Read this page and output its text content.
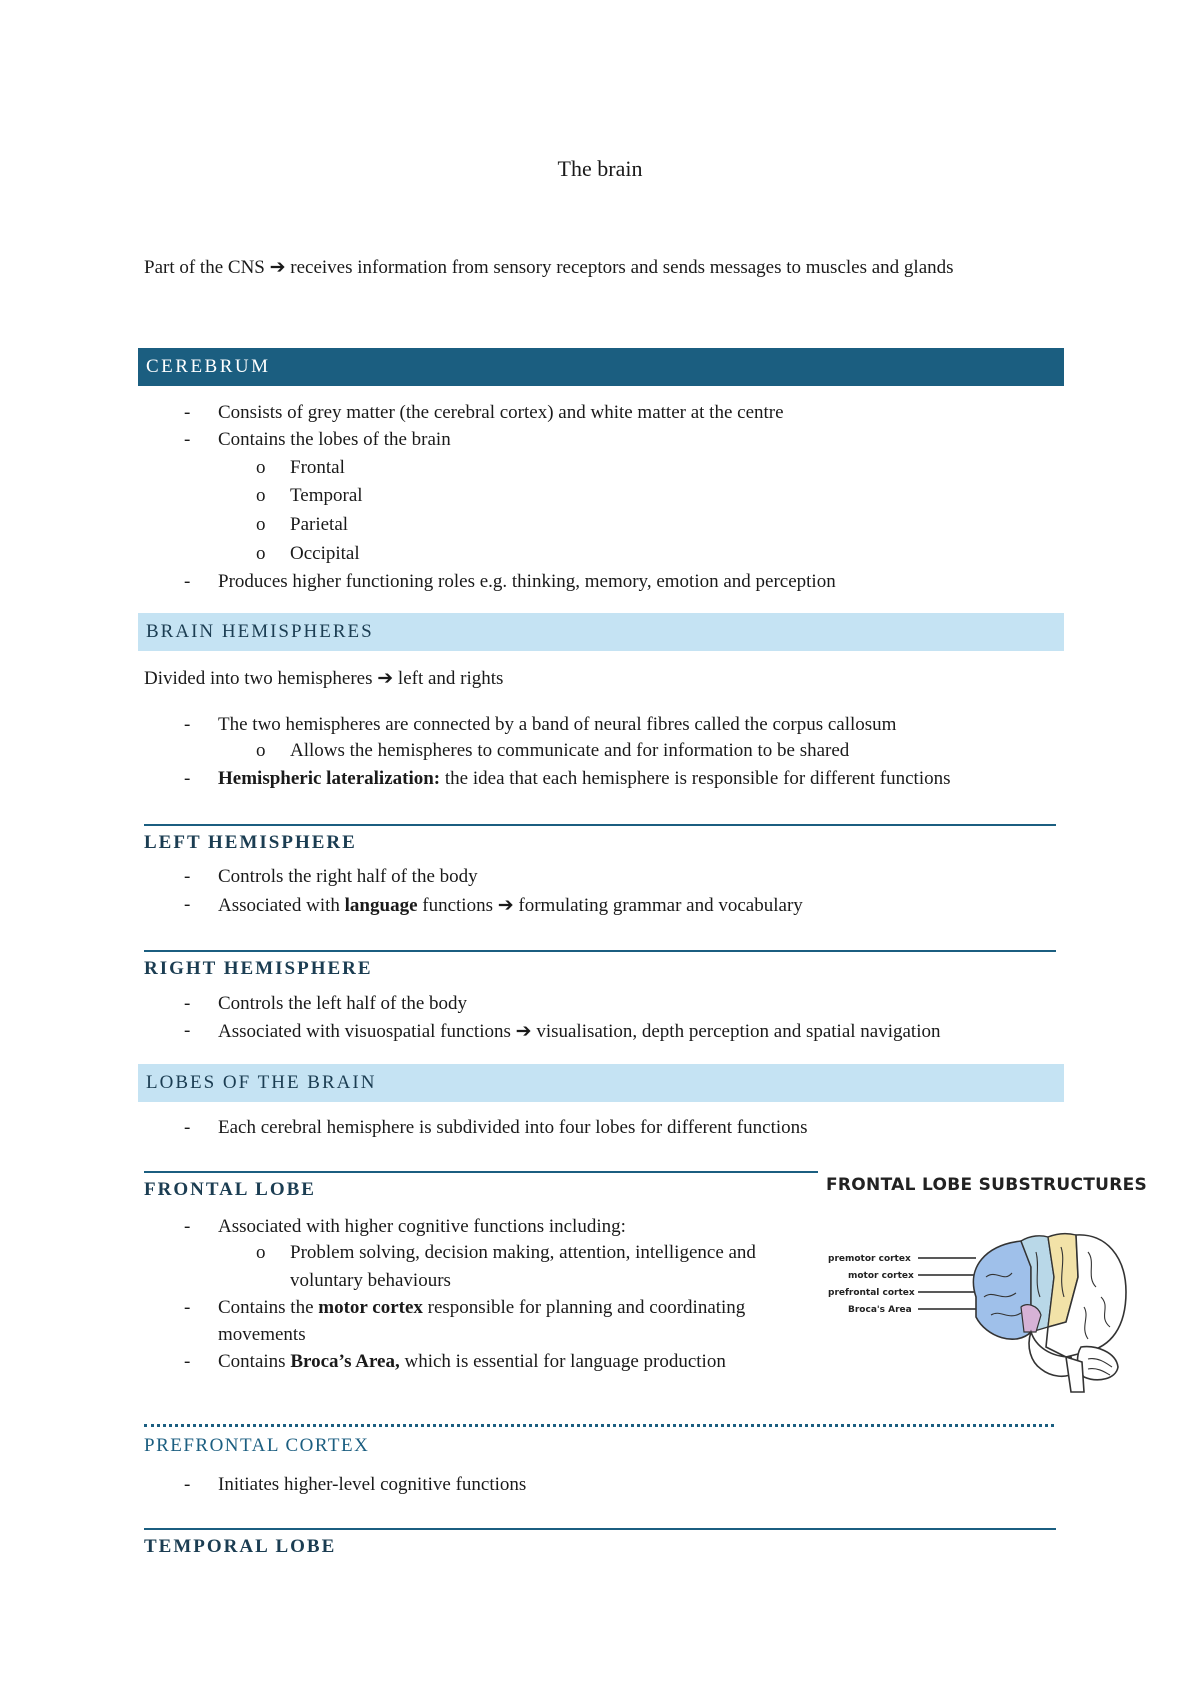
The brain
Part of the CNS ➔ receives information from sensory receptors and sends messages to muscles and glands
CEREBRUM
- Consists of grey matter (the cerebral cortex) and white matter at the centre
- Contains the lobes of the brain
o Frontal
o Temporal
o Parietal
o Occipital
- Produces higher functioning roles e.g. thinking, memory, emotion and perception
BRAIN HEMISPHERES
Divided into two hemispheres ➔ left and rights
- The two hemispheres are connected by a band of neural fibres called the corpus callosum
o Allows the hemispheres to communicate and for information to be shared
- Hemispheric lateralization: the idea that each hemisphere is responsible for different functions
LEFT HEMISPHERE
- Controls the right half of the body
- Associated with language functions ➔ formulating grammar and vocabulary
RIGHT HEMISPHERE
- Controls the left half of the body
- Associated with visuospatial functions ➔ visualisation, depth perception and spatial navigation
LOBES OF THE BRAIN
- Each cerebral hemisphere is subdivided into four lobes for different functions
FRONTAL LOBE
- Associated with higher cognitive functions including:
o Problem solving, decision making, attention, intelligence and
voluntary behaviours
- Contains the motor cortex responsible for planning and coordinating
movements
- Contains Broca’s Area, which is essential for language production
FRONTAL LOBE SUBSTRUCTURES
premotor cortex
motor cortex
prefrontal cortex
Broca's Area
PREFRONTAL CORTEX
- Initiates higher-level cognitive functions
TEMPORAL LOBE
